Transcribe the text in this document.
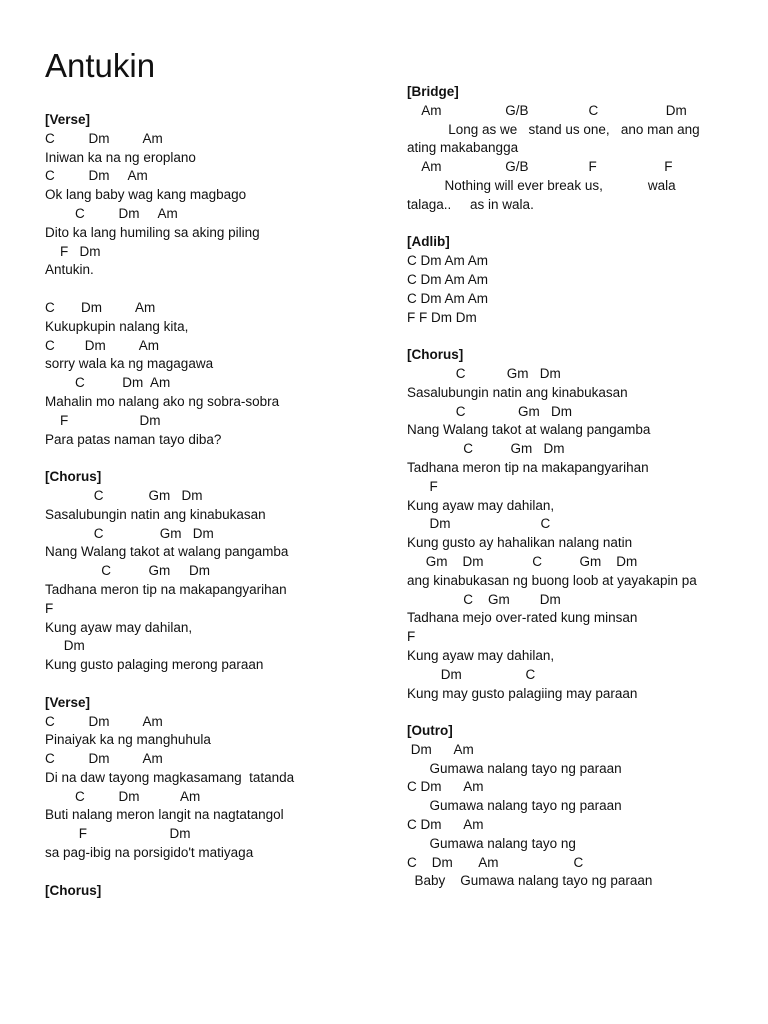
Antukin
[Verse]
C         Dm         Am
Iniwan ka na ng eroplano
C         Dm     Am
Ok lang baby wag kang magbago
C         Dm     Am
Dito ka lang humiling sa aking piling
F   Dm
Antukin.
C       Dm         Am
Kukupkupin nalang kita,
C        Dm         Am
sorry wala ka ng magagawa
C          Dm  Am
Mahalin mo nalang ako ng sobra-sobra
F                   Dm
Para patas naman tayo diba?
[Chorus]
C            Gm   Dm
Sasalubungin natin ang kinabukasan
C               Gm   Dm
Nang Walang takot at walang pangamba
C          Gm     Dm
Tadhana meron tip na makapangyarihan
F
Kung ayaw may dahilan,
Dm
Kung gusto palaging merong paraan
[Verse]
C         Dm         Am
Pinaiyak ka ng manghuhula
C         Dm         Am
Di na daw tayong magkasamang  tatanda
C         Dm           Am
Buti nalang meron langit na nagtatangol
F                      Dm
sa pag-ibig na porsigido't matiyaga
[Chorus]
[Bridge]
Am                 G/B                C                  Dm
Long as we   stand us one,   ano man ang
ating makabangga
Am                 G/B                F                  F
Nothing will ever break us,            wala
talaga..     as in wala.
[Adlib]
C Dm Am Am
C Dm Am Am
C Dm Am Am
F F Dm Dm
[Chorus]
C           Gm   Dm
Sasalubungin natin ang kinabukasan
C              Gm   Dm
Nang Walang takot at walang pangamba
C          Gm   Dm
Tadhana meron tip na makapangyarihan
F
Kung ayaw may dahilan,
Dm                        C
Kung gusto ay hahalikan nalang natin
Gm    Dm             C          Gm    Dm
ang kinabukasan ng buong loob at yayakapin pa
C    Gm        Dm
Tadhana mejo over-rated kung minsan
F
Kung ayaw may dahilan,
Dm                 C
Kung may gusto palagiing may paraan
[Outro]
Dm      Am
Gumawa nalang tayo ng paraan
C Dm      Am
Gumawa nalang tayo ng paraan
C Dm      Am
Gumawa nalang tayo ng
C    Dm       Am                    C
Baby    Gumawa nalang tayo ng paraan
